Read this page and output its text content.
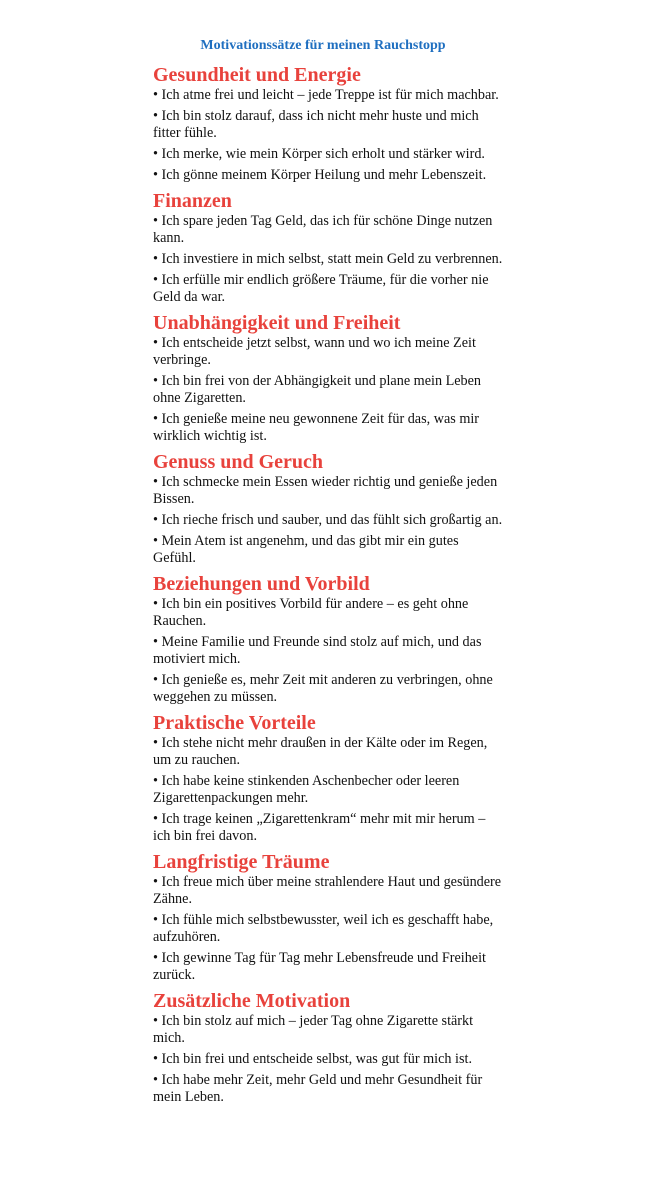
Motivationssätze für meinen Rauchstopp
Gesundheit und Energie
• Ich atme frei und leicht – jede Treppe ist für mich machbar.
• Ich bin stolz darauf, dass ich nicht mehr huste und mich fitter fühle.
• Ich merke, wie mein Körper sich erholt und stärker wird.
• Ich gönne meinem Körper Heilung und mehr Lebenszeit.
Finanzen
• Ich spare jeden Tag Geld, das ich für schöne Dinge nutzen kann.
• Ich investiere in mich selbst, statt mein Geld zu verbrennen.
• Ich erfülle mir endlich größere Träume, für die vorher nie Geld da war.
Unabhängigkeit und Freiheit
• Ich entscheide jetzt selbst, wann und wo ich meine Zeit verbringe.
• Ich bin frei von der Abhängigkeit und plane mein Leben ohne Zigaretten.
• Ich genieße meine neu gewonnene Zeit für das, was mir wirklich wichtig ist.
Genuss und Geruch
• Ich schmecke mein Essen wieder richtig und genieße jeden Bissen.
• Ich rieche frisch und sauber, und das fühlt sich großartig an.
• Mein Atem ist angenehm, und das gibt mir ein gutes Gefühl.
Beziehungen und Vorbild
• Ich bin ein positives Vorbild für andere – es geht ohne Rauchen.
• Meine Familie und Freunde sind stolz auf mich, und das motiviert mich.
• Ich genieße es, mehr Zeit mit anderen zu verbringen, ohne weggehen zu müssen.
Praktische Vorteile
• Ich stehe nicht mehr draußen in der Kälte oder im Regen, um zu rauchen.
• Ich habe keine stinkenden Aschenbecher oder leeren Zigarettenpackungen mehr.
• Ich trage keinen „Zigarettenkram“ mehr mit mir herum – ich bin frei davon.
Langfristige Träume
• Ich freue mich über meine strahlendere Haut und gesündere Zähne.
• Ich fühle mich selbstbewusster, weil ich es geschafft habe, aufzuhören.
• Ich gewinne Tag für Tag mehr Lebensfreude und Freiheit zurück.
Zusätzliche Motivation
• Ich bin stolz auf mich – jeder Tag ohne Zigarette stärkt mich.
• Ich bin frei und entscheide selbst, was gut für mich ist.
• Ich habe mehr Zeit, mehr Geld und mehr Gesundheit für mein Leben.
